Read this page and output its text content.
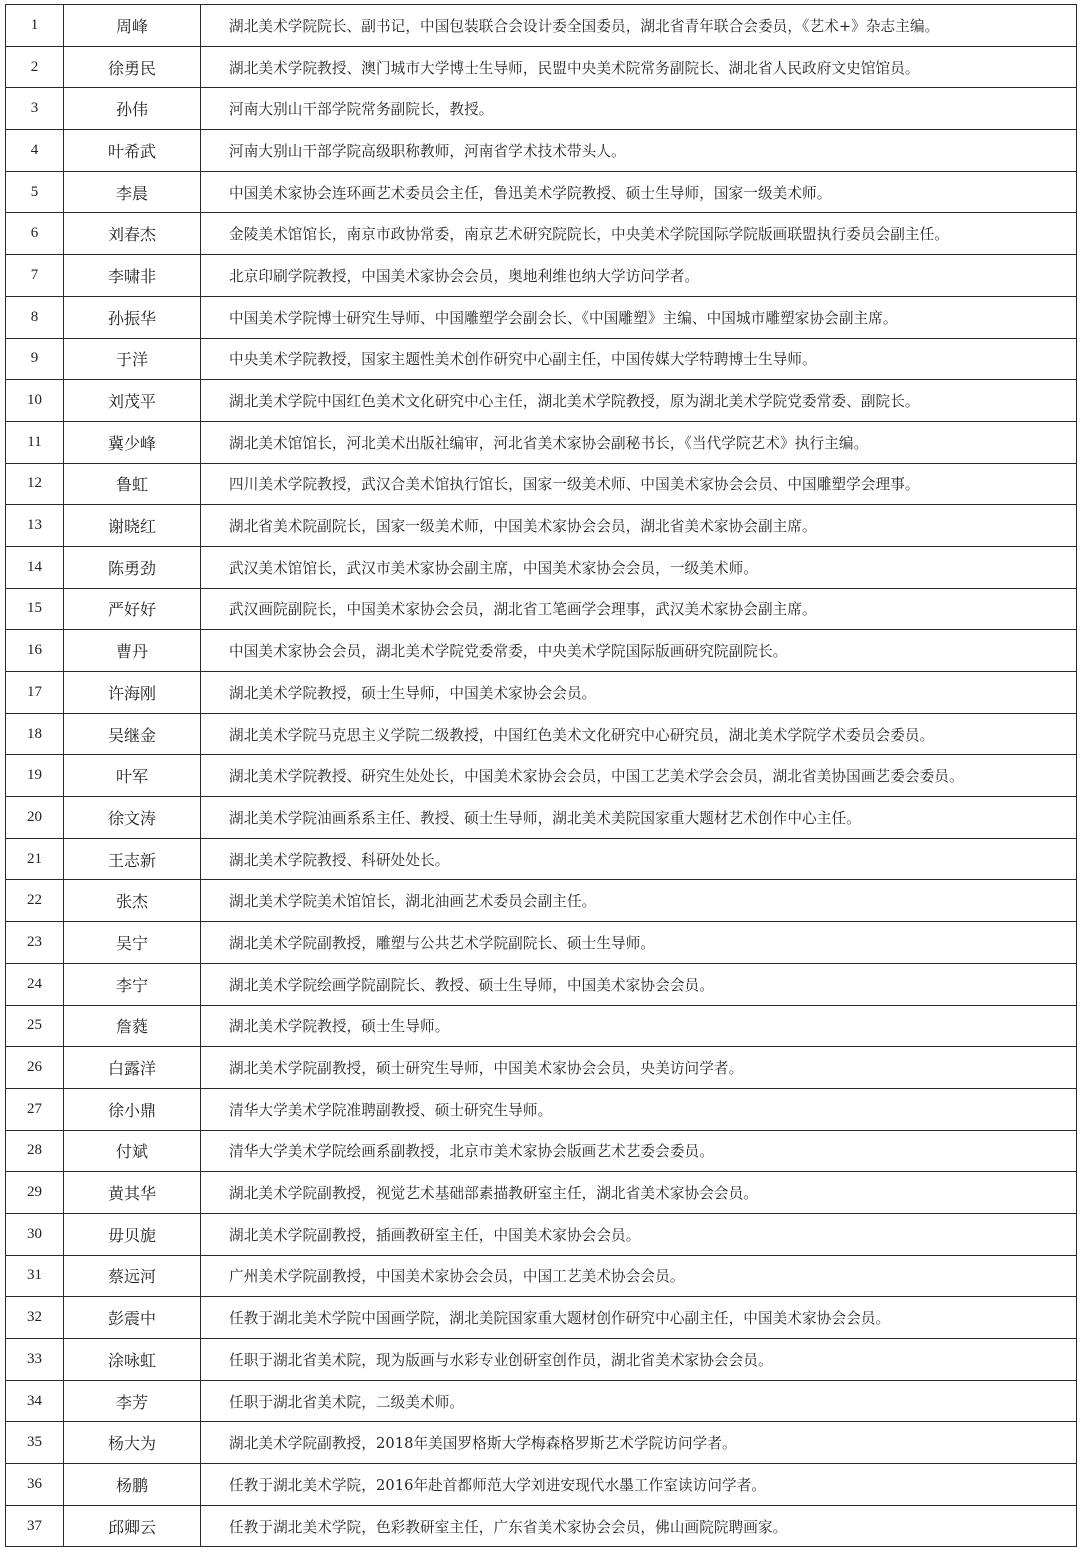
1	周峰	湖北美术学院院长、副书记，中国包装联合会设计委全国委员，湖北省青年联合会委员，《艺术+》杂志主编。
2	徐勇民	湖北美术学院教授、澳门城市大学博士生导师，民盟中央美术院常务副院长、湖北省人民政府文史馆馆员。
3	孙伟	河南大别山干部学院常务副院长，教授。
4	叶希武	河南大别山干部学院高级职称教师，河南省学术技术带头人。
5	李晨	中国美术家协会连环画艺术委员会主任，鲁迅美术学院教授、硕士生导师，国家一级美术师。
6	刘春杰	金陵美术馆馆长，南京市政协常委，南京艺术研究院院长，中央美术学院国际学院版画联盟执行委员会副主任。
7	李啸非	北京印刷学院教授，中国美术家协会会员，奥地利维也纳大学访问学者。
8	孙振华	中国美术学院博士研究生导师、中国雕塑学会副会长、《中国雕塑》主编、中国城市雕塑家协会副主席。
9	于洋	中央美术学院教授，国家主题性美术创作研究中心副主任，中国传媒大学特聘博士生导师。
10	刘茂平	湖北美术学院中国红色美术文化研究中心主任，湖北美术学院教授，原为湖北美术学院党委常委、副院长。
11	冀少峰	湖北美术馆馆长，河北美术出版社编审，河北省美术家协会副秘书长，《当代学院艺术》执行主编。
12	鲁虹	四川美术学院教授，武汉合美术馆执行馆长，国家一级美术师、中国美术家协会会员、中国雕塑学会理事。
13	谢晓红	湖北省美术院副院长，国家一级美术师，中国美术家协会会员，湖北省美术家协会副主席。
14	陈勇劲	武汉美术馆馆长，武汉市美术家协会副主席，中国美术家协会会员，一级美术师。
15	严好好	武汉画院副院长，中国美术家协会会员，湖北省工笔画学会理事，武汉美术家协会副主席。
16	曹丹	中国美术家协会会员，湖北美术学院党委常委，中央美术学院国际版画研究院副院长。
17	许海刚	湖北美术学院教授，硕士生导师，中国美术家协会会员。
18	吴继金	湖北美术学院马克思主义学院二级教授，中国红色美术文化研究中心研究员，湖北美术学院学术委员会委员。
19	叶军	湖北美术学院教授、研究生处处长，中国美术家协会会员，中国工艺美术学会会员，湖北省美协国画艺委会委员。
20	徐文涛	湖北美术学院油画系系主任、教授、硕士生导师，湖北美术美院国家重大题材艺术创作中心主任。
21	王志新	湖北美术学院教授、科研处处长。
22	张杰	湖北美术学院美术馆馆长，湖北油画艺术委员会副主任。
23	吴宁	湖北美术学院副教授，雕塑与公共艺术学院副院长、硕士生导师。
24	李宁	湖北美术学院绘画学院副院长、教授、硕士生导师，中国美术家协会会员。
25	詹蕤	湖北美术学院教授，硕士生导师。
26	白露洋	湖北美术学院副教授，硕士研究生导师，中国美术家协会会员，央美访问学者。
27	徐小鼎	清华大学美术学院准聘副教授、硕士研究生导师。
28	付斌	清华大学美术学院绘画系副教授，北京市美术家协会版画艺术艺委会委员。
29	黄其华	湖北美术学院副教授，视觉艺术基础部素描教研室主任，湖北省美术家协会会员。
30	毋贝旎	湖北美术学院副教授，插画教研室主任，中国美术家协会会员。
31	蔡远河	广州美术学院副教授，中国美术家协会会员，中国工艺美术协会会员。
32	彭震中	任教于湖北美术学院中国画学院，湖北美院国家重大题材创作研究中心副主任，中国美术家协会会员。
33	涂咏虹	任职于湖北省美术院，现为版画与水彩专业创研室创作员，湖北省美术家协会会员。
34	李芳	任职于湖北省美术院，二级美术师。
35	杨大为	湖北美术学院副教授，2018年美国罗格斯大学梅森格罗斯艺术学院访问学者。
36	杨鹏	任教于湖北美术学院，2016年赴首都师范大学刘进安现代水墨工作室读访问学者。
37	邱卿云	任教于湖北美术学院，色彩教研室主任，广东省美术家协会会员，佛山画院院聘画家。
